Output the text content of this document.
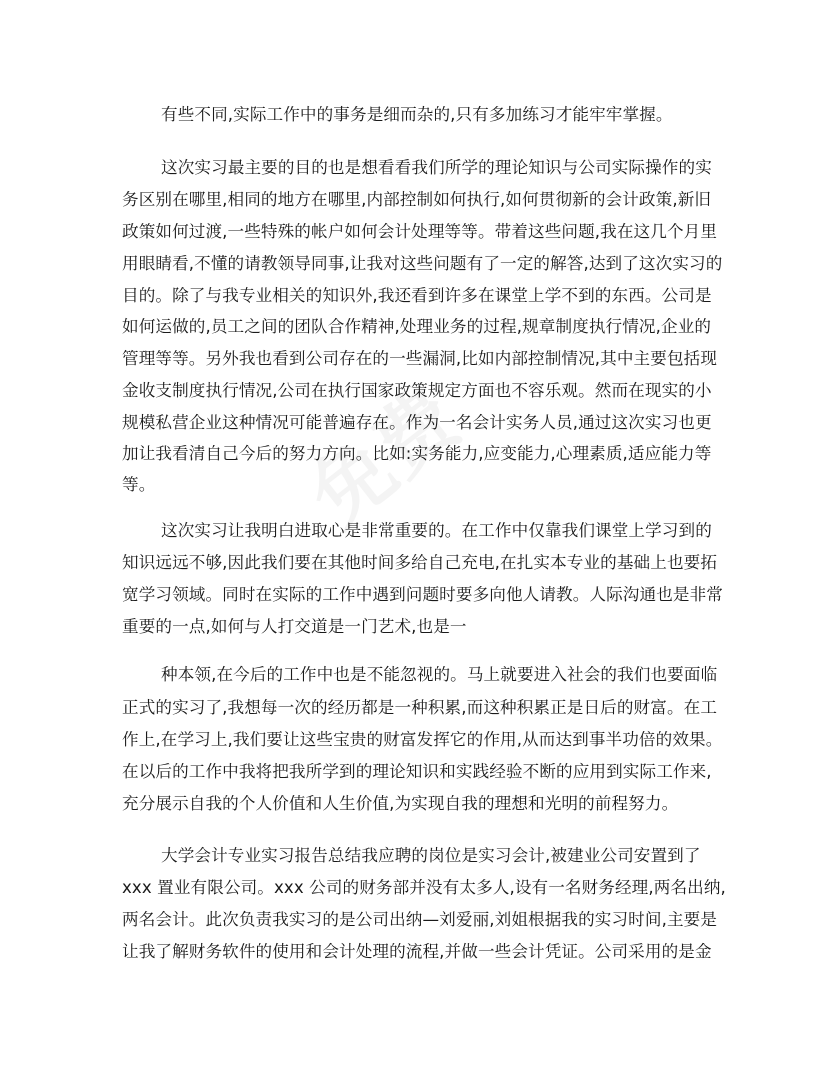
有些不同,实际工作中的事务是细而杂的,只有多加练习才能牢牢掌握。
这次实习最主要的目的也是想看看我们所学的理论知识与公司实际操作的实
务区别在哪里,相同的地方在哪里,内部控制如何执行,如何贯彻新的会计政策,新旧
政策如何过渡,一些特殊的帐户如何会计处理等等。带着这些问题,我在这几个月里
用眼睛看,不懂的请教领导同事,让我对这些问题有了一定的解答,达到了这次实习的
目的。除了与我专业相关的知识外,我还看到许多在课堂上学不到的东西。公司是
如何运做的,员工之间的团队合作精神,处理业务的过程,规章制度执行情况,企业的
管理等等。另外我也看到公司存在的一些漏洞,比如内部控制情况,其中主要包括现
金收支制度执行情况,公司在执行国家政策规定方面也不容乐观。然而在现实的小
规模私营企业这种情况可能普遍存在。作为一名会计实务人员,通过这次实习也更
加让我看清自己今后的努力方向。比如:实务能力,应变能力,心理素质,适应能力等
等。
这次实习让我明白进取心是非常重要的。在工作中仅靠我们课堂上学习到的
知识远远不够,因此我们要在其他时间多给自己充电,在扎实本专业的基础上也要拓
宽学习领域。同时在实际的工作中遇到问题时要多向他人请教。人际沟通也是非常
重要的一点,如何与人打交道是一门艺术,也是一
种本领,在今后的工作中也是不能忽视的。马上就要进入社会的我们也要面临
正式的实习了,我想每一次的经历都是一种积累,而这种积累正是日后的财富。在工
作上,在学习上,我们要让这些宝贵的财富发挥它的作用,从而达到事半功倍的效果。
在以后的工作中我将把我所学到的理论知识和实践经验不断的应用到实际工作来,
充分展示自我的个人价值和人生价值,为实现自我的理想和光明的前程努力。
大学会计专业实习报告总结我应聘的岗位是实习会计,被建业公司安置到了
xxx 置业有限公司。xxx 公司的财务部并没有太多人,设有一名财务经理,两名出纳,
两名会计。此次负责我实习的是公司出纳—刘爱丽,刘姐根据我的实习时间,主要是
让我了解财务软件的使用和会计处理的流程,并做一些会计凭证。公司采用的是金
